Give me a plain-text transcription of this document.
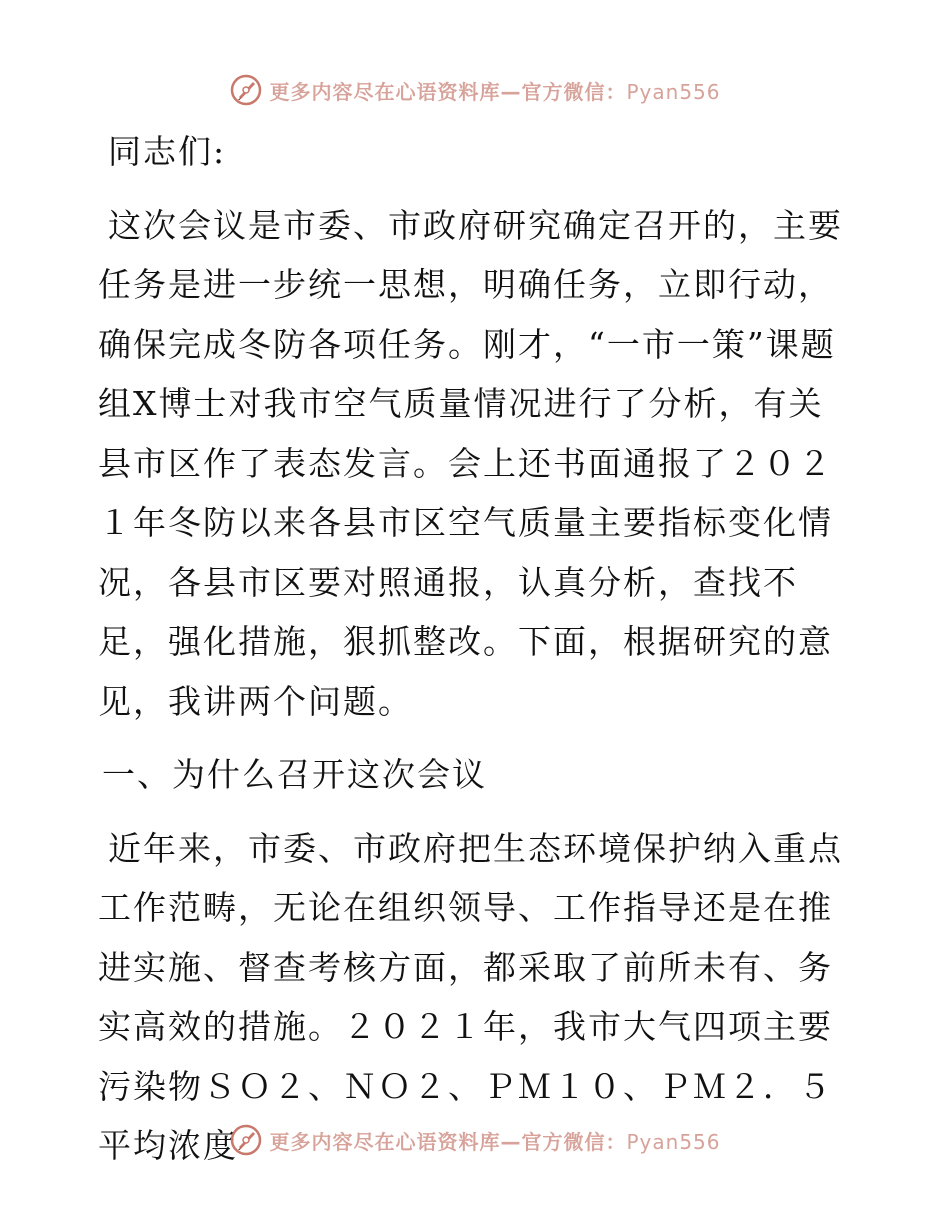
更多内容尽在心语资料库—官方微信：Pyan556

同志们:

这次会议是市委、市政府研究确定召开的，主要任务是进一步统一思想，明确任务，立即行动，确保完成冬防各项任务。刚才，“一市一策”课题组X博士对我市空气质量情况进行了分析，有关县市区作了表态发言。会上还书面通报了２０２１年冬防以来各县市区空气质量主要指标变化情况，各县市区要对照通报，认真分析，查找不足，强化措施，狠抓整改。下面，根据研究的意见，我讲两个问题。

一、为什么召开这次会议

近年来，市委、市政府把生态环境保护纳入重点工作范畴，无论在组织领导、工作指导还是在推进实施、督查考核方面，都采取了前所未有、务实高效的措施。２０２１年，我市大气四项主要污染物ＳＯ２、ＮＯ２、ＰＭ１０、ＰＭ２．５平均浓度	更多内容尽在心语资料库—官方微信：Pyan556
